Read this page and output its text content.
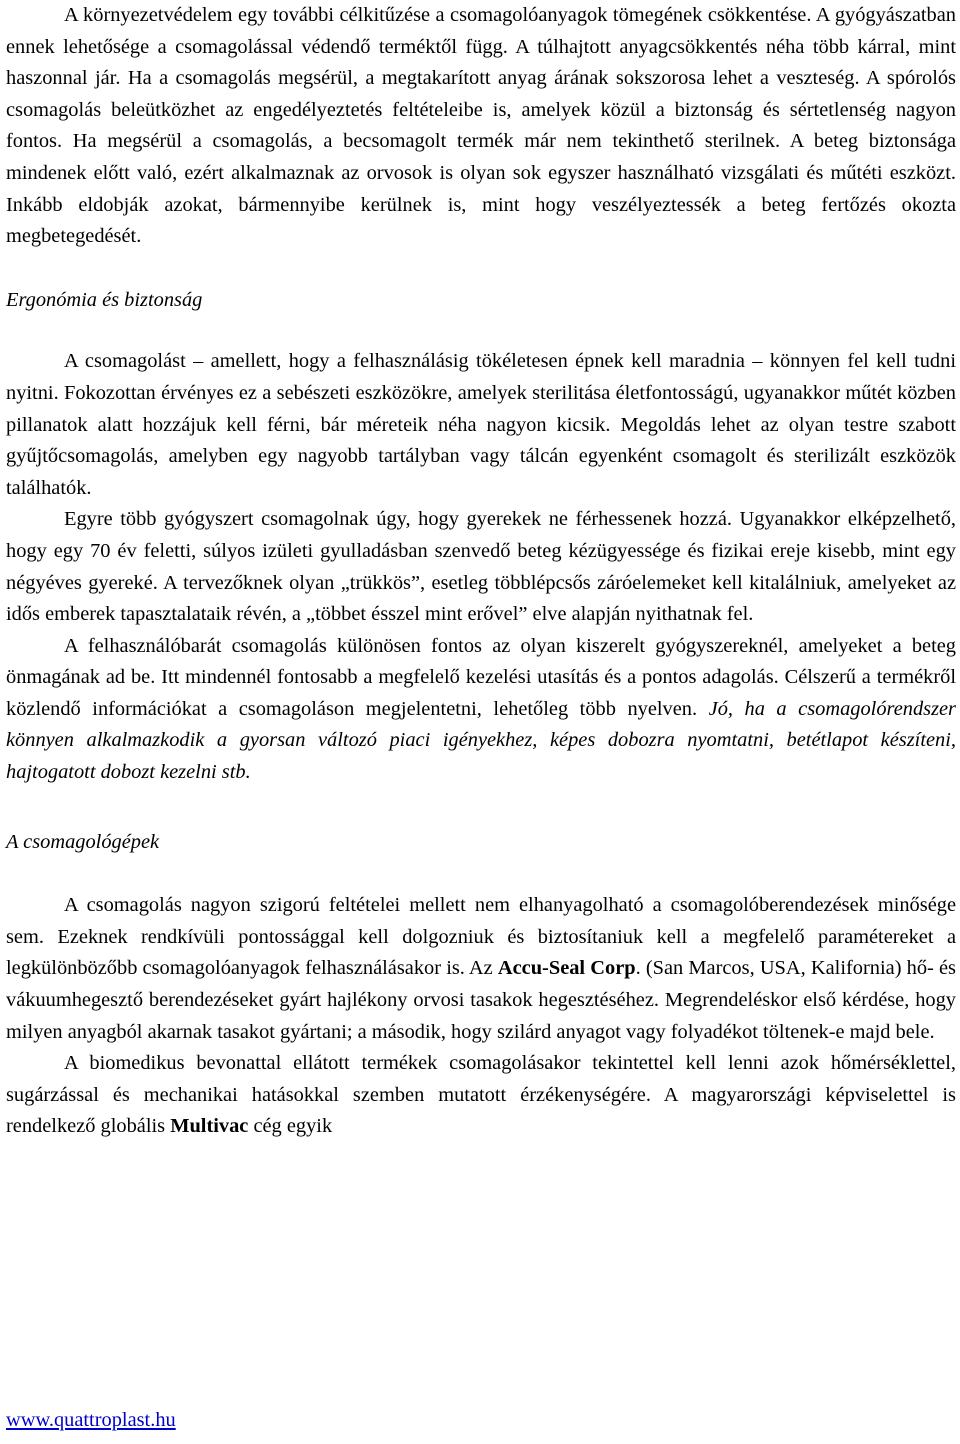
A környezetvédelem egy további célkitűzése a csomagolóanyagok tömegének csökkentése. A gyógyászatban ennek lehetősége a csomagolással védendő terméktől függ. A túlhajtott anyagcsökkentés néha több kárral, mint haszonnal jár. Ha a csomagolás megsérül, a megtakarított anyag árának sokszorosa lehet a veszteség. A spórolós csomagolás beleütközhet az engedélyeztetés feltételeibe is, amelyek közül a biztonság és sértetlenség nagyon fontos. Ha megsérül a csomagolás, a becsomagolt termék már nem tekinthető sterilnek. A beteg biztonsága mindenek előtt való, ezért alkalmaznak az orvosok is olyan sok egyszer használható vizsgálati és műtéti eszközt. Inkább eldobják azokat, bármennyibe kerülnek is, mint hogy veszélyeztessék a beteg fertőzés okozta megbetegedését.

Ergonómia és biztonság

A csomagolást – amellett, hogy a felhasználásig tökéletesen épnek kell maradnia – könnyen fel kell tudni nyitni. Fokozottan érvényes ez a sebészeti eszközökre, amelyek sterilitása életfontosságú, ugyanakkor műtét közben pillanatok alatt hozzájuk kell férni, bár méreteik néha nagyon kicsik. Megoldás lehet az olyan testre szabott gyűjtőcsomagolás, amelyben egy nagyobb tartályban vagy tálcán egyenként csomagolt és sterilizált eszközök találhatók.

Egyre több gyógyszert csomagolnak úgy, hogy gyerekek ne férhessenek hozzá. Ugyanakkor elképzelhető, hogy egy 70 év feletti, súlyos izületi gyulladásban szenvedő beteg kézügyessége és fizikai ereje kisebb, mint egy négyéves gyereké. A tervezőknek olyan „trükkös”, esetleg többlépcsős záróelemeket kell kitalálniuk, amelyeket az idős emberek tapasztalataik révén, a „többet ésszel mint erővel” elve alapján nyithatnak fel.

A felhasználóbarát csomagolás különösen fontos az olyan kiszerelt gyógyszereknél, amelyeket a beteg önmagának ad be. Itt mindennél fontosabb a megfelelő kezelési utasítás és a pontos adagolás. Célszerű a termékről közlendő információkat a csomagoláson megjelentetni, lehetőleg több nyelven. Jó, ha a csomagolórendszer könnyen alkalmazkodik a gyorsan változó piaci igényekhez, képes dobozra nyomtatni, betétlapot készíteni, hajtogatott dobozt kezelni stb.

A csomagológépek

A csomagolás nagyon szigorú feltételei mellett nem elhanyagolható a csomagolóberendezések minősége sem. Ezeknek rendkívüli pontossággal kell dolgozniuk és biztosítaniuk kell a megfelelő paramétereket a legkülönbözőbb csomagolóanyagok felhasználásakor is. Az Accu-Seal Corp. (San Marcos, USA, Kalifornia) hő- és vákuumhegesztő berendezéseket gyárt hajlékony orvosi tasakok hegesztéséhez. Megrendeléskor első kérdése, hogy milyen anyagból akarnak tasakot gyártani; a második, hogy szilárd anyagot vagy folyadékot töltenek-e majd bele.

A biomedikus bevonattal ellátott termékek csomagolásakor tekintettel kell lenni azok hőmérséklettel, sugárzással és mechanikai hatásokkal szemben mutatott érzékenységére. A magyarországi képviselettel is rendelkező globális Multivac cég egyik

www.quattroplast.hu
